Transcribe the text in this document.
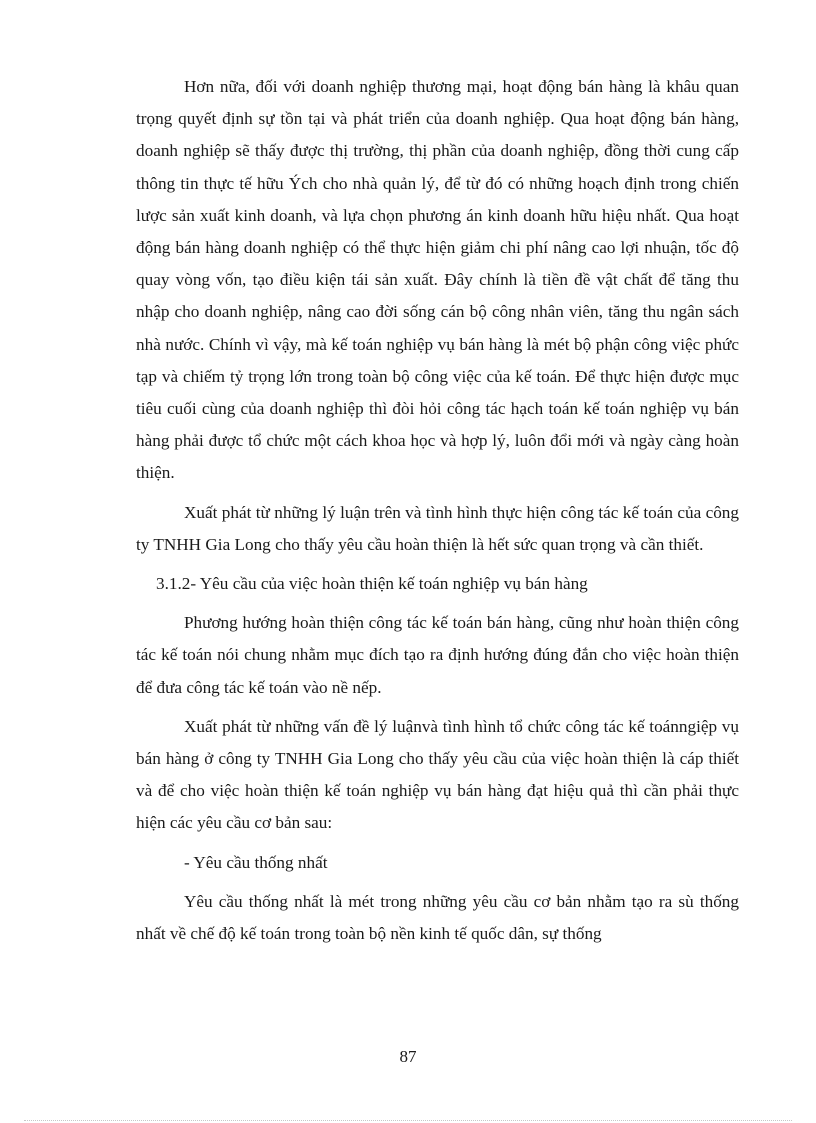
Hơn nữa, đối với doanh nghiệp thương mại, hoạt động bán hàng là khâu quan trọng quyết định sự tồn tại và phát triển của doanh nghiệp. Qua hoạt động bán hàng, doanh nghiệp sẽ thấy được thị trường, thị phần của doanh nghiệp, đồng thời cung cấp thông tin thực tế hữu Ých cho nhà quản lý, để từ đó có những hoạch định trong chiến lược sản xuất kinh doanh, và lựa chọn phương án kinh doanh hữu hiệu nhất. Qua hoạt động bán hàng doanh nghiệp có thể thực hiện giảm chi phí nâng cao lợi nhuận, tốc độ quay vòng vốn, tạo điều kiện tái sản xuất. Đây chính là tiền đề vật chất để tăng thu nhập cho doanh nghiệp, nâng cao đời sống cán bộ công nhân viên, tăng thu ngân sách nhà nước. Chính vì vậy, mà kế toán nghiệp vụ bán hàng là mét bộ phận công việc phức tạp và chiếm tỷ trọng lớn trong toàn bộ công việc của kế toán. Để thực hiện được mục tiêu cuối cùng của doanh nghiệp thì đòi hỏi công tác hạch toán kế toán nghiệp vụ bán hàng phải được tổ chức một cách khoa học và hợp lý, luôn đổi mới và ngày càng hoàn thiện.

Xuất phát từ những lý luận trên và tình hình thực hiện công tác kế toán của công ty TNHH Gia Long cho thấy yêu cầu hoàn thiện là hết sức quan trọng và cần thiết.

3.1.2- Yêu cầu của việc hoàn thiện kế toán nghiệp vụ bán hàng

Phương hướng hoàn thiện công tác kế toán bán hàng, cũng như hoàn thiện công tác kế toán nói chung nhằm mục đích tạo ra định hướng đúng đắn cho việc hoàn thiện để đưa công tác kế toán vào nề nếp.

Xuất phát từ những vấn đề lý luậnvà tình hình tổ chức công tác kế toánngiệp vụ bán hàng ở công ty TNHH Gia Long cho thấy yêu cầu của việc hoàn thiện là cáp thiết và để cho việc hoàn thiện kế toán nghiệp vụ bán hàng đạt hiệu quả thì cần phải thực hiện các yêu cầu cơ bản sau:

- Yêu cầu thống nhất

Yêu cầu thống nhất là mét trong những yêu cầu cơ bản nhằm tạo ra sù thống nhất về chế độ kế toán trong toàn bộ nền kinh tế quốc dân, sự thống

87
